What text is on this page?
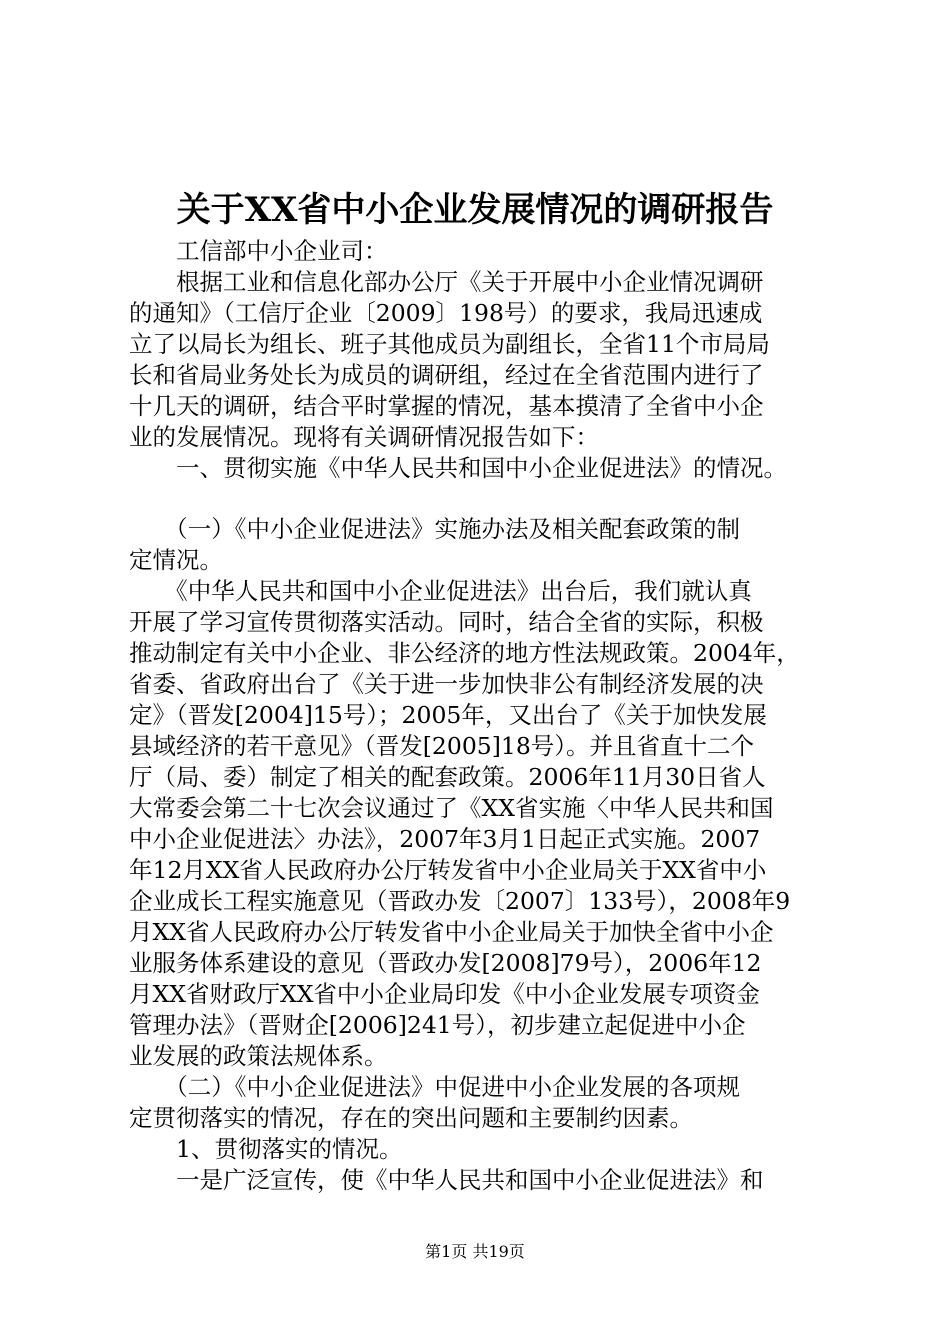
关于XX省中小企业发展情况的调研报告
　　工信部中小企业司：
　　根据工业和信息化部办公厅《关于开展中小企业情况调研
的通知》（工信厅企业〔2009〕198号）的要求，我局迅速成
立了以局长为组长、班子其他成员为副组长，全省11个市局局
长和省局业务处长为成员的调研组，经过在全省范围内进行了
十几天的调研，结合平时掌握的情况，基本摸清了全省中小企
业的发展情况。现将有关调研情况报告如下：
　　一、贯彻实施《中华人民共和国中小企业促进法》的情况。
　　（一）《中小企业促进法》实施办法及相关配套政策的制
定情况。
　　《中华人民共和国中小企业促进法》出台后，我们就认真
开展了学习宣传贯彻落实活动。同时，结合全省的实际，积极
推动制定有关中小企业、非公经济的地方性法规政策。2004年，
省委、省政府出台了《关于进一步加快非公有制经济发展的决
定》（晋发[2004]15号）；2005年，又出台了《关于加快发展
县域经济的若干意见》（晋发[2005]18号）。并且省直十二个
厅（局、委）制定了相关的配套政策。2006年11月30日省人
大常委会第二十七次会议通过了《XX省实施〈中华人民共和国
中小企业促进法〉办法》，2007年3月1日起正式实施。2007
年12月XX省人民政府办公厅转发省中小企业局关于XX省中小
企业成长工程实施意见（晋政办发〔2007〕133号），2008年9
月XX省人民政府办公厅转发省中小企业局关于加快全省中小企
业服务体系建设的意见（晋政办发[2008]79号），2006年12
月XX省财政厅XX省中小企业局印发《中小企业发展专项资金
管理办法》（晋财企[2006]241号），初步建立起促进中小企
业发展的政策法规体系。
　　（二）《中小企业促进法》中促进中小企业发展的各项规
定贯彻落实的情况，存在的突出问题和主要制约因素。
　　1、贯彻落实的情况。
　　一是广泛宣传，使《中华人民共和国中小企业促进法》和
第1页 共19页
